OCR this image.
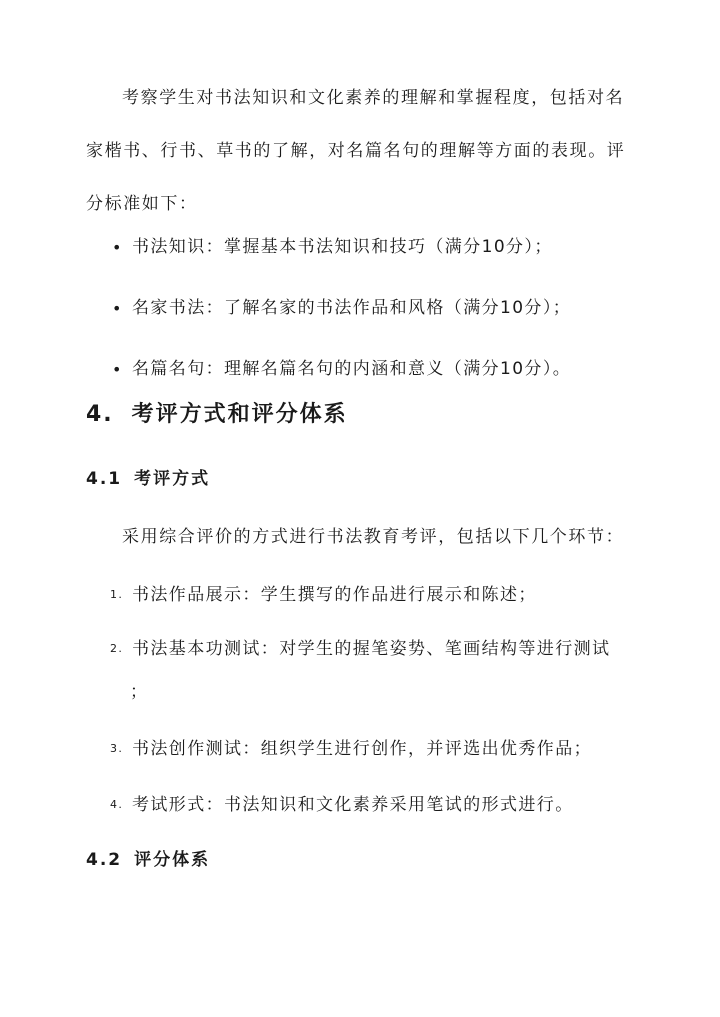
考察学生对书法知识和文化素养的理解和掌握程度，包括对名家楷书、行书、草书的了解，对名篇名句的理解等方面的表现。评分标准如下：

• 书法知识：掌握基本书法知识和技巧（满分10分）；
• 名家书法：了解名家的书法作品和风格（满分10分）；
• 名篇名句：理解名篇名句的内涵和意义（满分10分）。
4. 考评方式和评分体系
4.1 考评方式

采用综合评价的方式进行书法教育考评，包括以下几个环节：

1. 书法作品展示：学生撰写的作品进行展示和陈述；
2. 书法基本功测试：对学生的握笔姿势、笔画结构等进行测试
；
3. 书法创作测试：组织学生进行创作，并评选出优秀作品；
4. 考试形式：书法知识和文化素养采用笔试的形式进行。
4.2 评分体系
